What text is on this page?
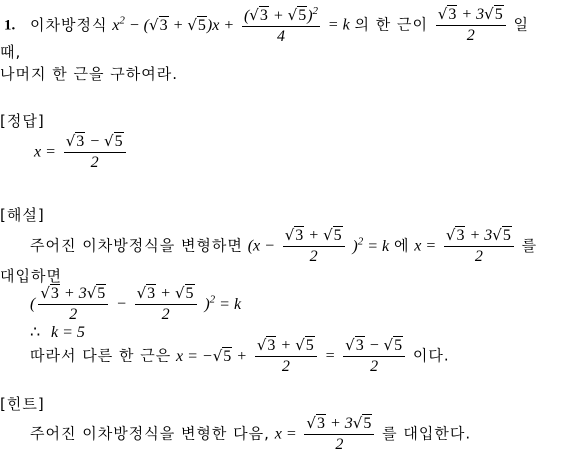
1. 이차방정식 $x^2 - (√3 + √5)x + \frac{(√3 + √5)^2}{4} = k$ 의 한 근이 $\frac{√3 + 3√5}{2}$ 일
때,
나머지 한 근을 구하여라.
[정답]
$x = \frac{√3 - √5}{2}$
[해설]
주어진 이차방정식을 변형하면 $(x - \frac{√3 + √5}{2} )^2 = k$ 에 $x = \frac{√3 + 3√5}{2}$ 를
대입하면
( $\frac{√3 + 3√5}{2} - \frac{√3 + √5}{2} )^2 = k$
∴ k = 5
따라서 다른 한 근은 $x = -√5 + \frac{√3 + √5}{2} = \frac{√3 - √5}{2}$ 이다.
[힌트]
주어진 이차방정식을 변형한 다음, $x = \frac{√3 + 3√5}{2}$ 를 대입한다.
